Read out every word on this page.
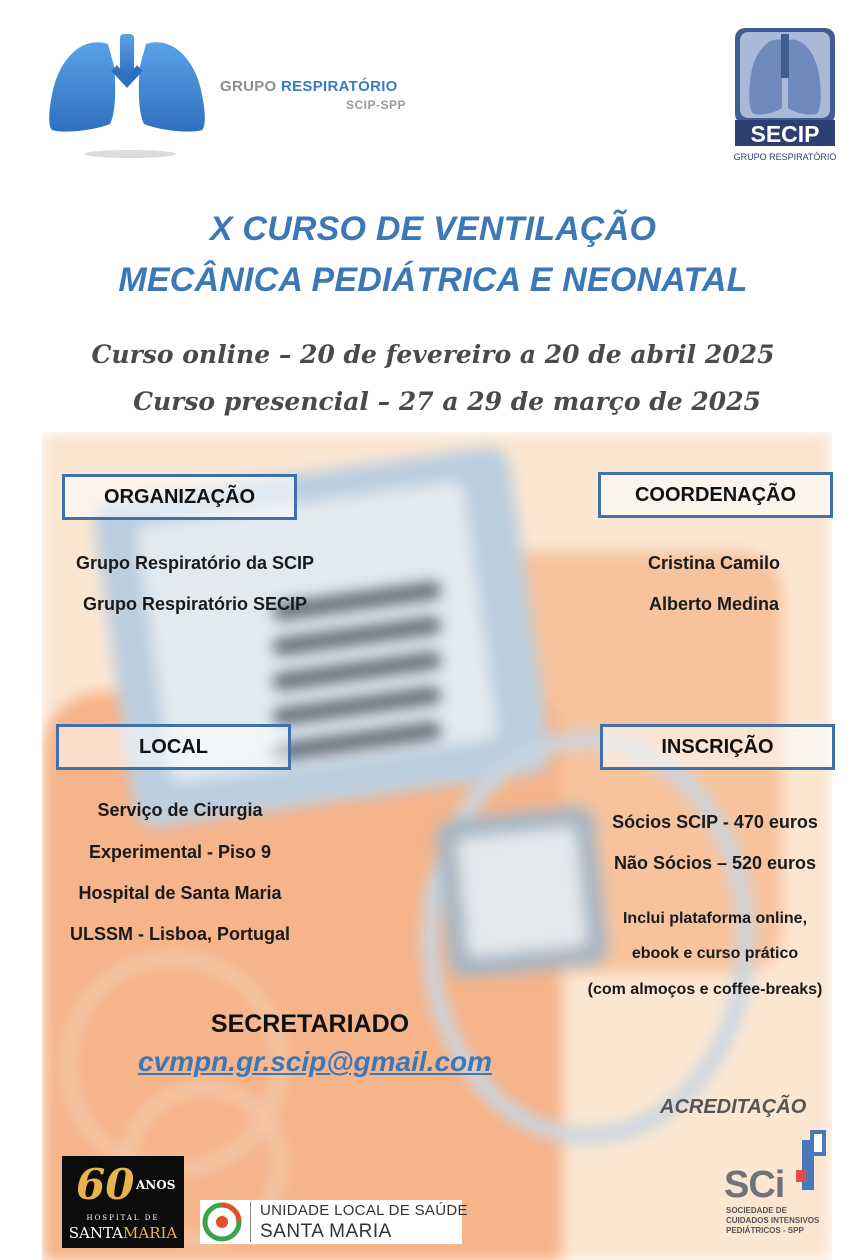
GRUPO RESPIRATÓRIO
SCIP-SPP
SECIP
GRUPO RESPIRATÓRIO
X CURSO DE VENTILAÇÃO
MECÂNICA PEDIÁTRICA E NEONATAL
Curso online – 20 de fevereiro a 20 de abril 2025
Curso presencial – 27 a 29 de março de 2025
ORGANIZAÇÃO
Grupo Respiratório da SCIP
Grupo Respiratório SECIP
COORDENAÇÃO
Cristina Camilo
Alberto Medina
LOCAL
Serviço de Cirurgia
Experimental - Piso 9
Hospital de Santa Maria
ULSSM - Lisboa, Portugal
INSCRIÇÃO
Sócios SCIP - 470 euros
Não Sócios – 520 euros
Inclui plataforma online,
ebook e curso prático
(com almoços e coffee-breaks)
SECRETARIADO
cvmpn.gr.scip@gmail.com
ACREDITAÇÃO
60 ANOS
HOSPITAL DE
SANTAMARIA
UNIDADE LOCAL DE SAÚDE
SANTA MARIA
SCi
SOCIEDADE DE
CUIDADOS INTENSIVOS
PEDIÁTRICOS - SPP
